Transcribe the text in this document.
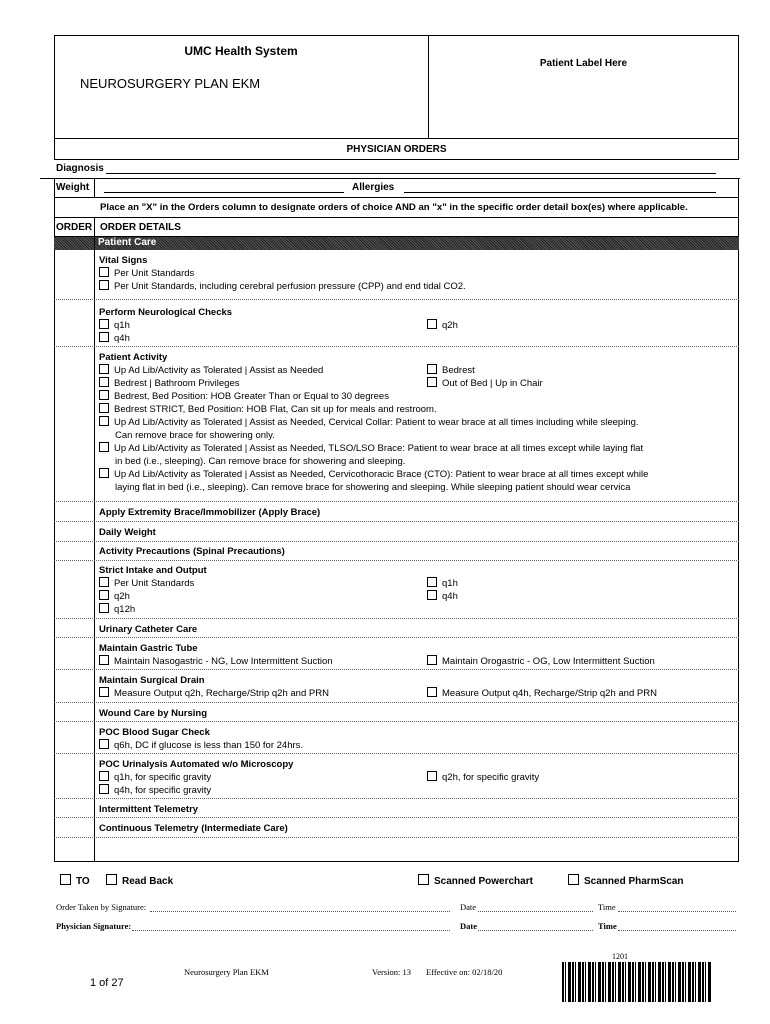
UMC Health System
NEUROSURGERY PLAN EKM
Patient Label Here
PHYSICIAN ORDERS
Diagnosis
Weight	Allergies
Place an "X" in the Orders column to designate orders of choice AND an "x" in the specific order detail box(es) where applicable.
ORDER ORDER DETAILS
Patient Care
Vital Signs
Per Unit Standards
Per Unit Standards, including cerebral perfusion pressure (CPP) and end tidal CO2.
Perform Neurological Checks
q1h	q2h
q4h
Patient Activity
Up Ad Lib/Activity as Tolerated | Assist as Needed	Bedrest
Bedrest | Bathroom Privileges	Out of Bed | Up in Chair
Bedrest, Bed Position: HOB Greater Than or Equal to 30 degrees
Bedrest STRICT, Bed Position: HOB Flat, Can sit up for meals and restroom.
Up Ad Lib/Activity as Tolerated | Assist as Needed, Cervical Collar: Patient to wear brace at all times including while sleeping.
Can remove brace for showering only.
Up Ad Lib/Activity as Tolerated | Assist as Needed, TLSO/LSO Brace: Patient to wear brace at all times except while laying flat
in bed (i.e., sleeping). Can remove brace for showering and sleeping.
Up Ad Lib/Activity as Tolerated | Assist as Needed, Cervicothoracic Brace (CTO): Patient to wear brace at all times except while
laying flat in bed (i.e., sleeping). Can remove brace for showering and sleeping. While sleeping patient should wear cervica
Apply Extremity Brace/Immobilizer (Apply Brace)
Daily Weight
Activity Precautions (Spinal Precautions)
Strict Intake and Output
Per Unit Standards	q1h
q2h	q4h
q12h
Urinary Catheter Care
Maintain Gastric Tube
Maintain Nasogastric - NG, Low Intermittent Suction	Maintain Orogastric - OG, Low Intermittent Suction
Maintain Surgical Drain
Measure Output q2h, Recharge/Strip q2h and PRN	Measure Output q4h, Recharge/Strip q2h and PRN
Wound Care by Nursing
POC Blood Sugar Check
q6h, DC if glucose is less than 150 for 24hrs.
POC Urinalysis Automated w/o Microscopy
q1h, for specific gravity	q2h, for specific gravity
q4h, for specific gravity
Intermittent Telemetry
Continuous Telemetry (Intermediate Care)
TO	Read Back	Scanned Powerchart	Scanned PharmScan
Order Taken by Signature:	Date	Time
Physician Signature:	Date	Time
Neurosurgery Plan EKM	Version: 13 Effective on: 02/18/20
1 of 27
1201
